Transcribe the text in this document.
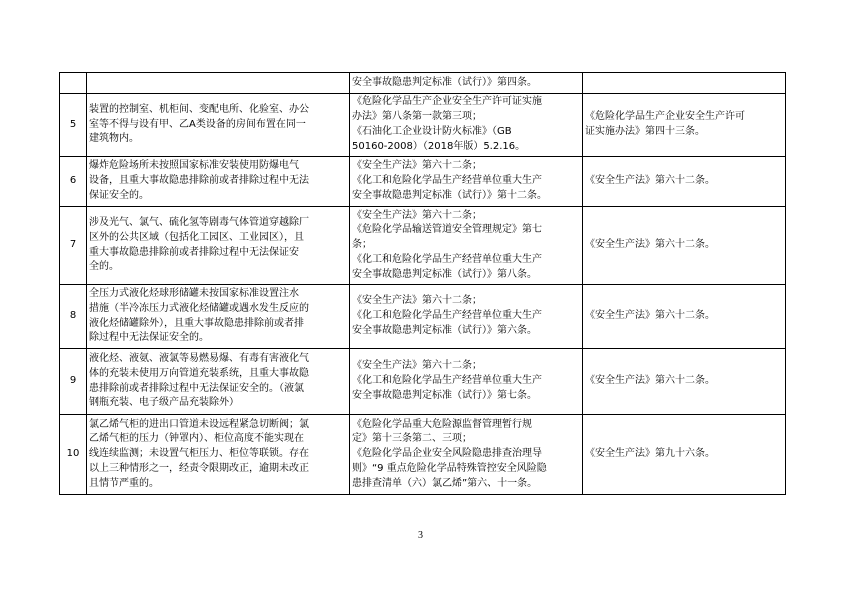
		安全事故隐患判定标准（试行）》第四条。	

5	装置的控制室、机柜间、变配电所、化验室、办公
室等不得与设有甲、乙A类设备的房间布置在同一
建筑物内。	《危险化学品生产企业安全生产许可证实施
办法》第八条第一款第三项；
《石油化工企业设计防火标准》（GB
50160-2008）（2018年版）5.2.16。	《危险化学品生产企业安全生产许可
证实施办法》第四十三条。

6	爆炸危险场所未按照国家标准安装使用防爆电气
设备，且重大事故隐患排除前或者排除过程中无法
保证安全的。	《安全生产法》第六十二条；
《化工和危险化学品生产经营单位重大生产
安全事故隐患判定标准（试行）》第十二条。	《安全生产法》第六十二条。

7	涉及光气、氯气、硫化氢等剧毒气体管道穿越除厂
区外的公共区域（包括化工园区、工业园区），且
重大事故隐患排除前或者排除过程中无法保证安
全的。	《安全生产法》第六十二条；
《危险化学品输送管道安全管理规定》第七
条；
《化工和危险化学品生产经营单位重大生产
安全事故隐患判定标准（试行）》第八条。	《安全生产法》第六十二条。

8	全压力式液化烃球形储罐未按国家标准设置注水
措施（半冷冻压力式液化烃储罐或遇水发生反应的
液化烃储罐除外），且重大事故隐患排除前或者排
除过程中无法保证安全的。	《安全生产法》第六十二条；
《化工和危险化学品生产经营单位重大生产
安全事故隐患判定标准（试行）》第六条。	《安全生产法》第六十二条。

9	液化烃、液氨、液氯等易燃易爆、有毒有害液化气
体的充装未使用万向管道充装系统，且重大事故隐
患排除前或者排除过程中无法保证安全的。（液氯
钢瓶充装、电子级产品充装除外）	《安全生产法》第六十二条；
《化工和危险化学品生产经营单位重大生产
安全事故隐患判定标准（试行）》第七条。	《安全生产法》第六十二条。

10	氯乙烯气柜的进出口管道未设远程紧急切断阀；氯
乙烯气柜的压力（钟罩内）、柜位高度不能实现在
线连续监测；未设置气柜压力、柜位等联锁。存在
以上三种情形之一，经责令限期改正，逾期未改正
且情节严重的。	《危险化学品重大危险源监督管理暂行规
定》第十三条第二、三项；
《危险化学品企业安全风险隐患排查治理导
则》“9 重点危险化学品特殊管控安全风险隐
患排查清单（六）氯乙烯”第六、十一条。	《安全生产法》第九十六条。
3
